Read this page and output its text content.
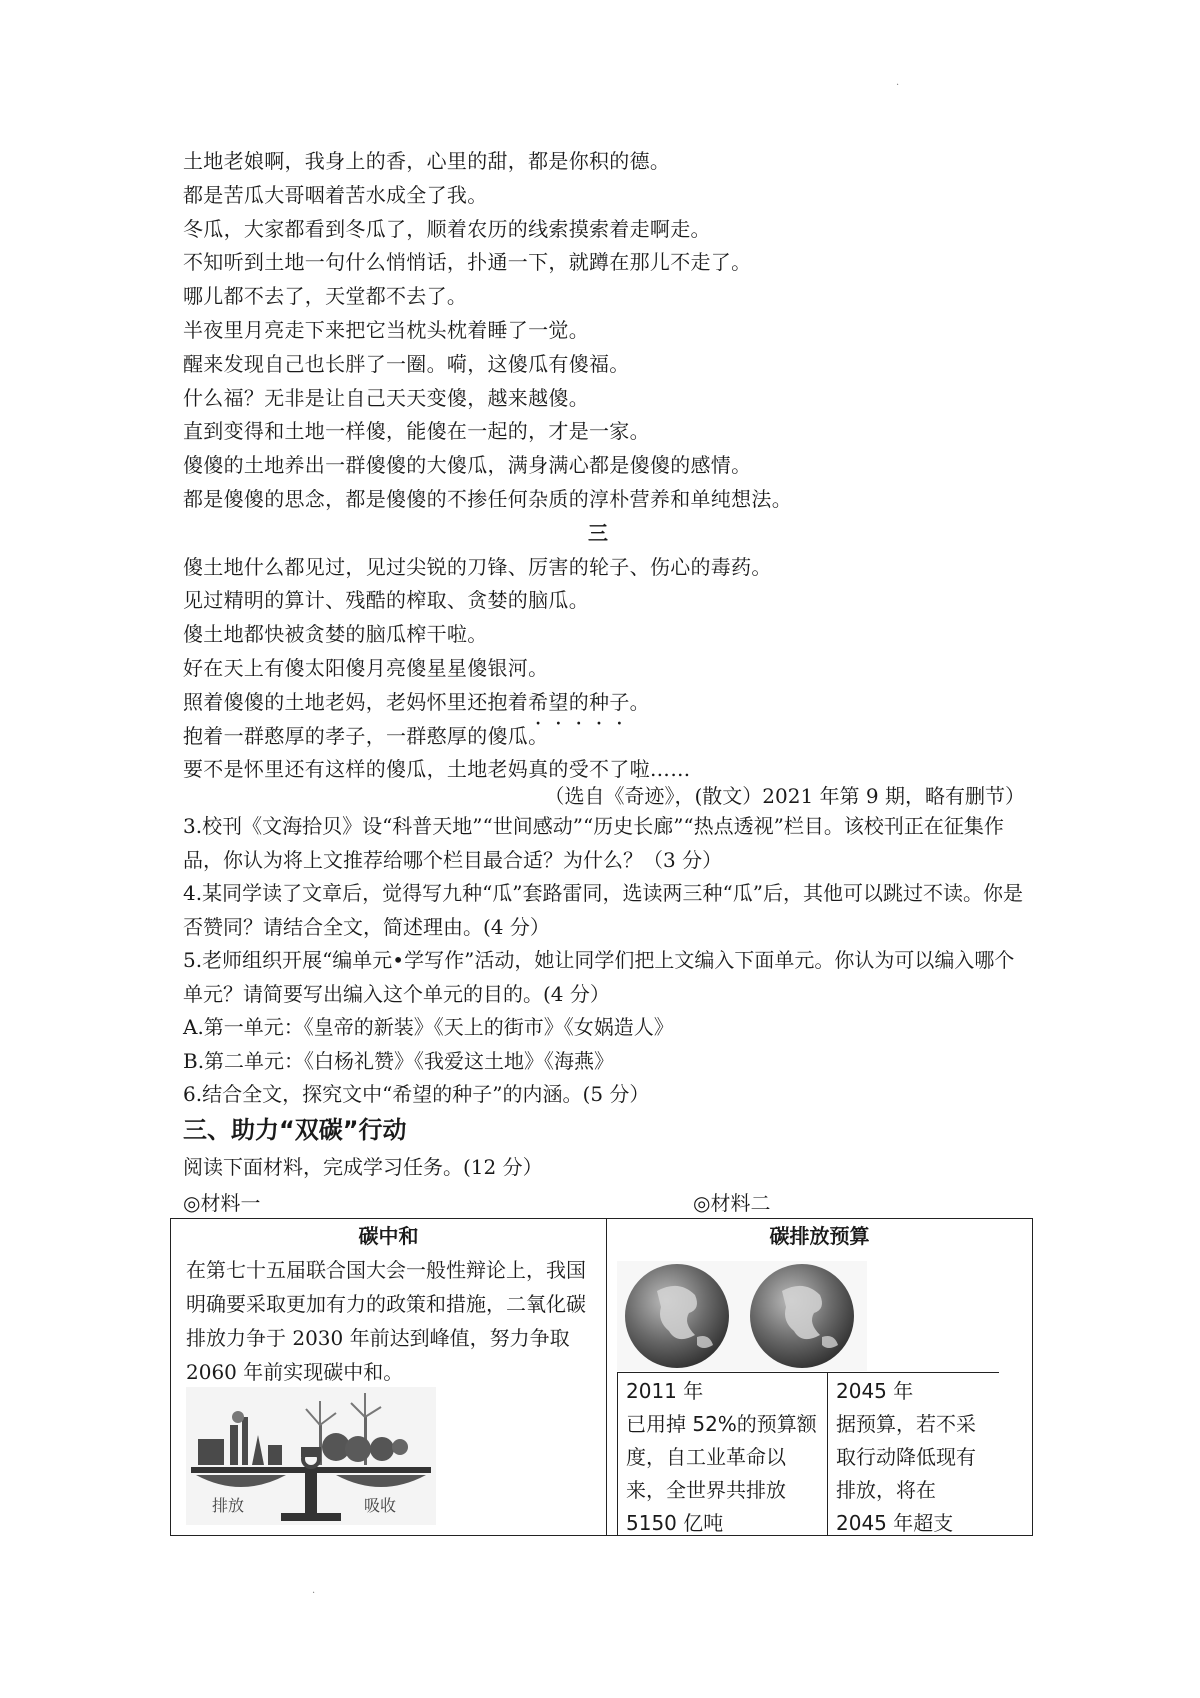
·
土地老娘啊，我身上的香，心里的甜，都是你积的德。
都是苦瓜大哥咽着苦水成全了我。
冬瓜，大家都看到冬瓜了，顺着农历的线索摸索着走啊走。
不知听到土地一句什么悄悄话，扑通一下，就蹲在那儿不走了。
哪儿都不去了，天堂都不去了。
半夜里月亮走下来把它当枕头枕着睡了一觉。
醒来发现自己也长胖了一圈。嗬，这傻瓜有傻福。
什么福？无非是让自己天天变傻，越来越傻。
直到变得和土地一样傻，能傻在一起的，才是一家。
傻傻的土地养出一群傻傻的大傻瓜，满身满心都是傻傻的感情。
都是傻傻的思念，都是傻傻的不掺任何杂质的淳朴营养和单纯想法。
三
傻土地什么都见过，见过尖锐的刀锋、厉害的轮子、伤心的毒药。
见过精明的算计、残酷的榨取、贪婪的脑瓜。
傻土地都快被贪婪的脑瓜榨干啦。
好在天上有傻太阳傻月亮傻星星傻银河。
照着傻傻的土地老妈，老妈怀里还抱着希望的种子。
抱着一群憨厚的孝子，一群憨厚的傻瓜。
要不是怀里还有这样的傻瓜，土地老妈真的受不了啦……
（选自《奇迹》，(散文）2021 年第 9 期，略有删节）

3.校刊《文海拾贝》设“科普天地”“世间感动”“历史长廊”“热点透视”栏目。该校刊正在征集作品，你认为将上文推荐给哪个栏目最合适？为什么？（3 分）

4.某同学读了文章后，觉得写九种“瓜”套路雷同，选读两三种“瓜”后，其他可以跳过不读。你是否赞同？请结合全文，简述理由。(4 分）

5.老师组织开展“编单元•学写作”活动，她让同学们把上文编入下面单元。你认为可以编入哪个单元？请简要写出编入这个单元的目的。(4 分）

A.第一单元：《皇帝的新装》《天上的街市》《女娲造人》

B.第二单元：《白杨礼赞》《我爱这土地》《海燕》

6.结合全文，探究文中“希望的种子”的内涵。(5 分）

三、助力“双碳”行动
阅读下面材料，完成学习任务。(12 分）
◎材料一	◎材料二
碳中和
在第七十五届联合国大会一般性辩论上，我国明确要采取更加有力的政策和措施，二氧化碳排放力争于 2030 年前达到峰值，努力争取 2060 年前实现碳中和。
排放	吸收
碳排放预算
2011 年
已用掉 52%的预算额度，自工业革命以来，全世界共排放 5150 亿吨
2045 年
据预算，若不采取行动降低现有排放，将在 2045 年超支
·
